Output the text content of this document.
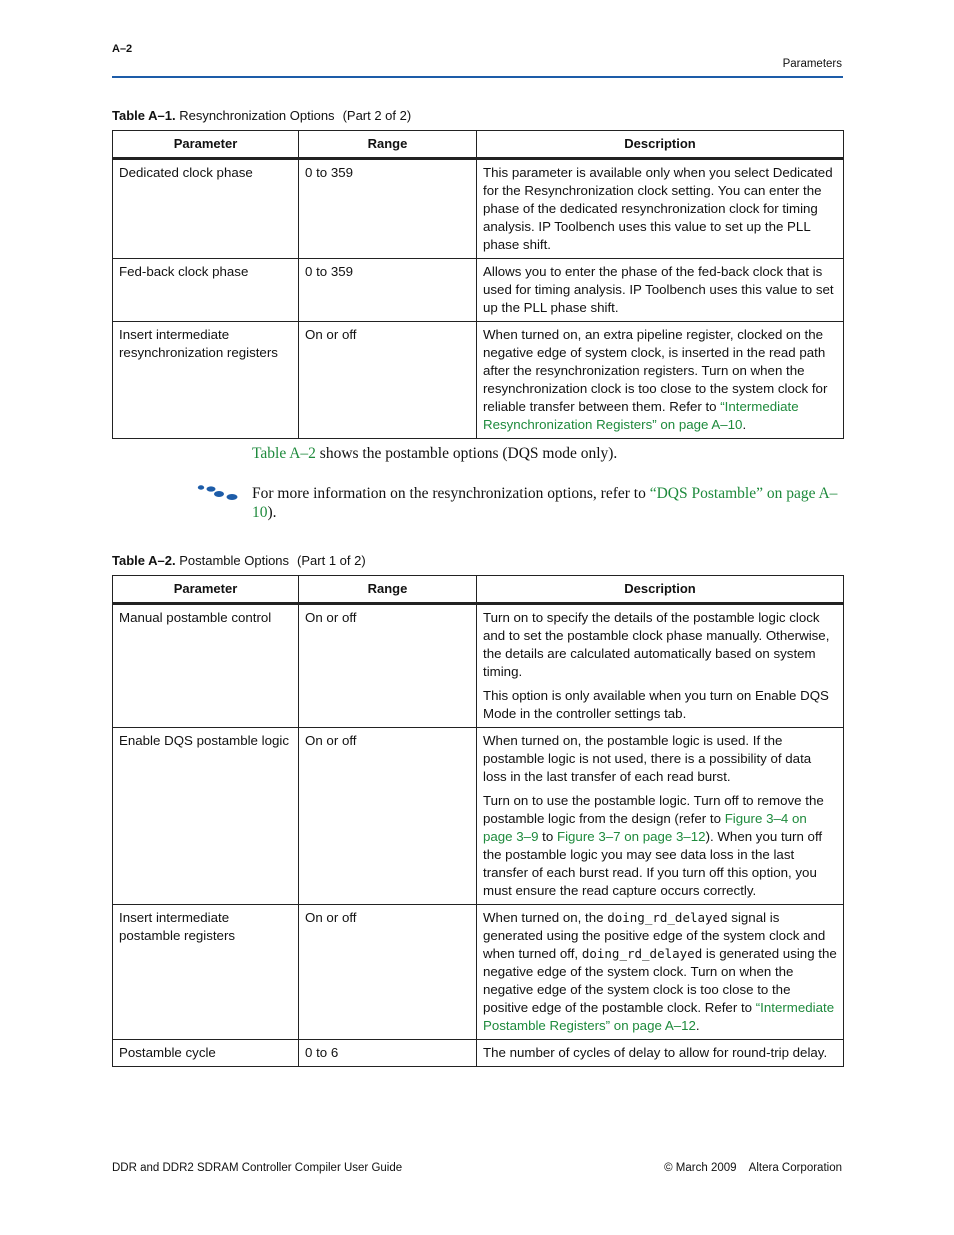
A–2
Parameters
Table A–1. Resynchronization Options (Part 2 of 2)
Parameter	Range	Description
Dedicated clock phase	0 to 359	This parameter is available only when you select Dedicated for the Resynchronization clock setting. You can enter the phase of the dedicated resynchronization clock for timing analysis. IP Toolbench uses this value to set up the PLL phase shift.
Fed-back clock phase	0 to 359	Allows you to enter the phase of the fed-back clock that is used for timing analysis. IP Toolbench uses this value to set up the PLL phase shift.
Insert intermediate resynchronization registers	On or off	When turned on, an extra pipeline register, clocked on the negative edge of system clock, is inserted in the read path after the resynchronization registers. Turn on when the resynchronization clock is too close to the system clock for reliable transfer between them. Refer to “Intermediate Resynchronization Registers” on page A–10.
Table A–2 shows the postamble options (DQS mode only).
For more information on the resynchronization options, refer to “DQS Postamble” on page A–10).
Table A–2. Postamble Options (Part 1 of 2)
Parameter	Range	Description
Manual postamble control	On or off	Turn on to specify the details of the postamble logic clock and to set the postamble clock phase manually. Otherwise, the details are calculated automatically based on system timing.

This option is only available when you turn on Enable DQS Mode in the controller settings tab.

Enable DQS postamble logic	On or off	When turned on, the postamble logic is used. If the postamble logic is not used, there is a possibility of data loss in the last transfer of each read burst.

Turn on to use the postamble logic. Turn off to remove the postamble logic from the design (refer to Figure 3–4 on page 3–9 to Figure 3–7 on page 3–12). When you turn off the postamble logic you may see data loss in the last transfer of each burst read. If you turn off this option, you must ensure the read capture occurs correctly.

Insert intermediate postamble registers	On or off	When turned on, the doing_rd_delayed signal is generated using the positive edge of the system clock and when turned off, doing_rd_delayed is generated using the negative edge of the system clock. Turn on when the negative edge of the system clock is too close to the positive edge of the postamble clock. Refer to “Intermediate Postamble Registers” on page A–12.
Postamble cycle	0 to 6	The number of cycles of delay to allow for round-trip delay.
DDR and DDR2 SDRAM Controller Compiler User Guide	© March 2009    Altera Corporation
